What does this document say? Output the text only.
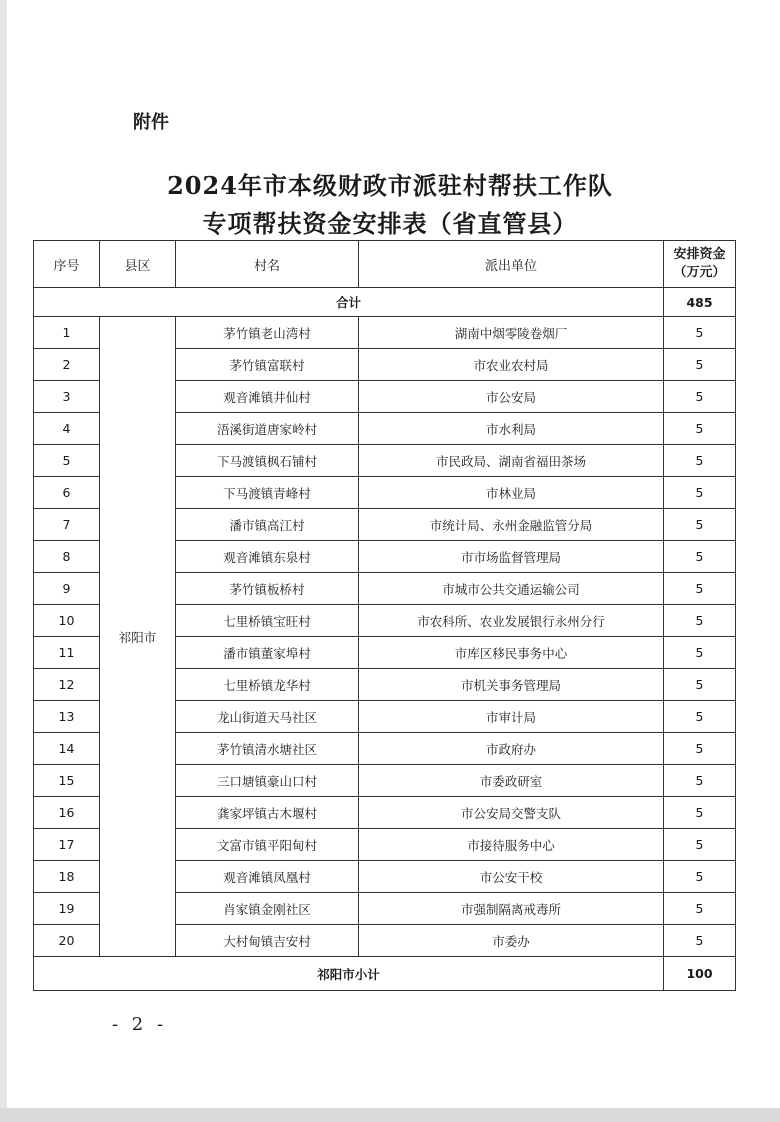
附件
2024年市本级财政市派驻村帮扶工作队
专项帮扶资金安排表（省直管县）
序号	县区	村名	派出单位	安排资金
（万元）

合计				485
1	祁阳市	茅竹镇老山湾村	湖南中烟零陵卷烟厂	5
2		茅竹镇富联村	市农业农村局	5
3		观音滩镇井仙村	市公安局	5
4		浯溪街道唐家岭村	市水利局	5
5		下马渡镇枫石铺村	市民政局、湖南省福田茶场	5
6		下马渡镇青峰村	市林业局	5
7		潘市镇高江村	市统计局、永州金融监管分局	5
8		观音滩镇东泉村	市市场监督管理局	5
9		茅竹镇板桥村	市城市公共交通运输公司	5
10		七里桥镇宝旺村	市农科所、农业发展银行永州分行	5
11		潘市镇董家埠村	市库区移民事务中心	5
12		七里桥镇龙华村	市机关事务管理局	5
13		龙山街道天马社区	市审计局	5
14		茅竹镇清水塘社区	市政府办	5
15		三口塘镇豪山口村	市委政研室	5
16		龚家坪镇古木堰村	市公安局交警支队	5
17		文富市镇平阳甸村	市接待服务中心	5
18		观音滩镇凤凰村	市公安干校	5
19		肖家镇金刚社区	市强制隔离戒毒所	5
20		大村甸镇吉安村	市委办	5
祁阳市小计				100
- 2 -
